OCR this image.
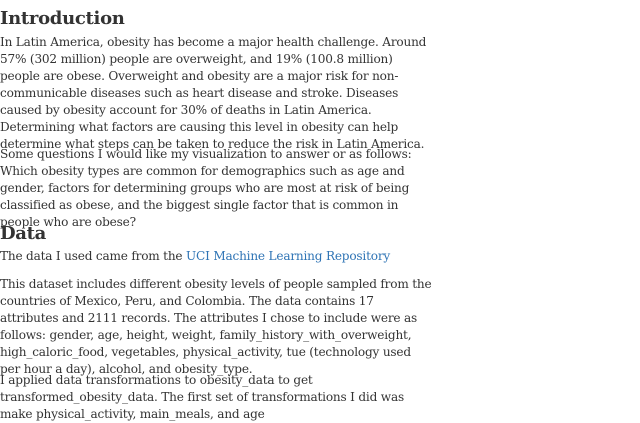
Introduction

In Latin America, obesity has become a major health challenge. Around 57% (302 million) people are overweight, and 19% (100.8 million) people are obese. Overweight and obesity are a major risk for non-communicable diseases such as heart disease and stroke. Diseases caused by obesity account for 30% of deaths in Latin America. Determining what factors are causing this level in obesity can help determine what steps can be taken to reduce the risk in Latin America.

Some questions I would like my visualization to answer or as follows: Which obesity types are common for demographics such as age and gender, factors for determining groups who are most at risk of being classified as obese, and the biggest single factor that is common in people who are obese?

Data

The data I used came from the UCI Machine Learning Repository

This dataset includes different obesity levels of people sampled from the countries of Mexico, Peru, and Colombia. The data contains 17 attributes and 2111 records. The attributes I chose to include were as follows: gender, age, height, weight, family_history_with_overweight, high_caloric_food, vegetables, physical_activity, tue (technology used per hour a day), alcohol, and obesity_type.

I applied data transformations to obesity_data to get transformed_obesity_data. The first set of transformations I did was make physical_activity, main_meals, and age
